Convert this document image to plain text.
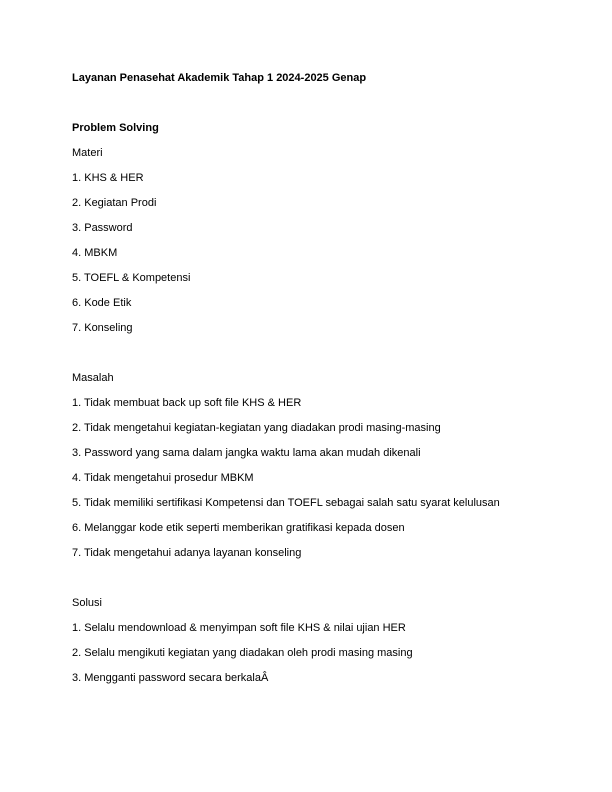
Layanan Penasehat Akademik Tahap 1 2024-2025 Genap
Problem Solving
Materi
1. KHS & HER
2. Kegiatan Prodi
3. Password
4. MBKM
5. TOEFL & Kompetensi
6. Kode Etik
7. Konseling
Masalah
1. Tidak membuat back up soft file KHS & HER
2. Tidak mengetahui kegiatan-kegiatan yang diadakan prodi masing-masing
3. Password yang sama dalam jangka waktu lama akan mudah dikenali
4. Tidak mengetahui prosedur MBKM
5. Tidak memiliki sertifikasi Kompetensi dan TOEFL sebagai salah satu syarat kelulusan
6. Melanggar kode etik seperti memberikan gratifikasi kepada dosen
7. Tidak mengetahui adanya layanan konseling
Solusi
1. Selalu mendownload & menyimpan soft file KHS & nilai ujian HER
2. Selalu mengikuti kegiatan yang diadakan oleh prodi masing masing
3. Mengganti password secara berkalaÂ
